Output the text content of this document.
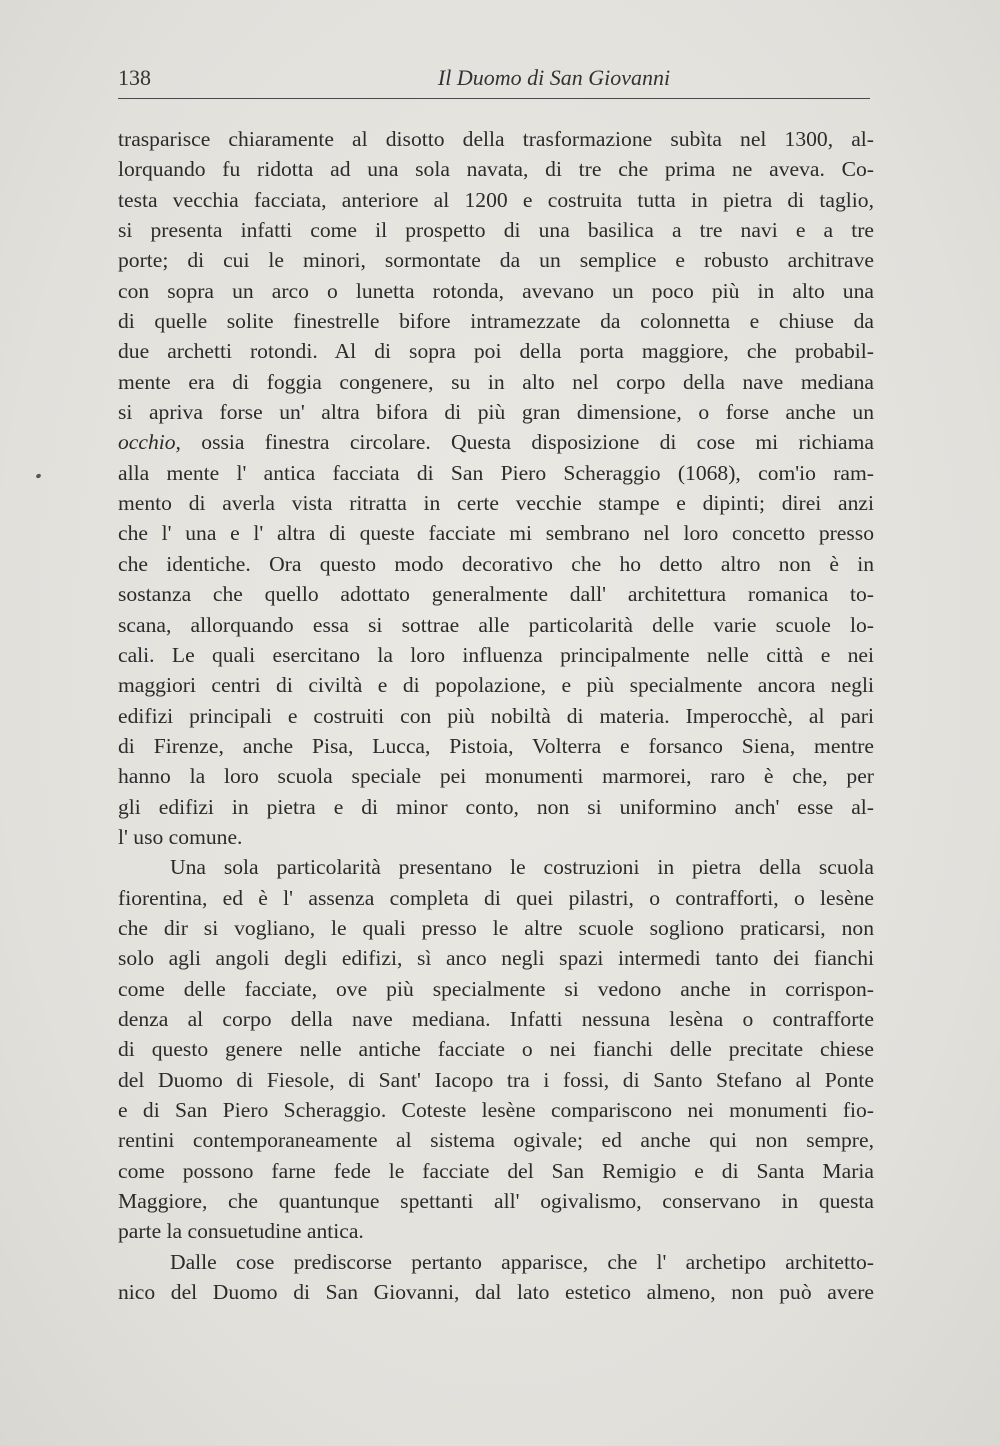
138	Il Duomo di San Giovanni
trasparisce chiaramente al disotto della trasformazione subìta nel 1300, al-
lorquando fu ridotta ad una sola navata, di tre che prima ne aveva. Co-
testa vecchia facciata, anteriore al 1200 e costruita tutta in pietra di taglio,
si presenta infatti come il prospetto di una basilica a tre navi e a tre
porte; di cui le minori, sormontate da un semplice e robusto architrave
con sopra un arco o lunetta rotonda, avevano un poco più in alto una
di quelle solite finestrelle bifore intramezzate da colonnetta e chiuse da
due archetti rotondi. Al di sopra poi della porta maggiore, che probabil-
mente era di foggia congenere, su in alto nel corpo della nave mediana
si apriva forse un' altra bifora di più gran dimensione, o forse anche un
occhio, ossia finestra circolare. Questa disposizione di cose mi richiama
alla mente l' antica facciata di San Piero Scheraggio (1068), com'io ram-
mento di averla vista ritratta in certe vecchie stampe e dipinti; direi anzi
che l' una e l' altra di queste facciate mi sembrano nel loro concetto presso
che identiche. Ora questo modo decorativo che ho detto altro non è in
sostanza che quello adottato generalmente dall' architettura romanica to-
scana, allorquando essa si sottrae alle particolarità delle varie scuole lo-
cali. Le quali esercitano la loro influenza principalmente nelle città e nei
maggiori centri di civiltà e di popolazione, e più specialmente ancora negli
edifizi principali e costruiti con più nobiltà di materia. Imperocchè, al pari
di Firenze, anche Pisa, Lucca, Pistoia, Volterra e forsanco Siena, mentre
hanno la loro scuola speciale pei monumenti marmorei, raro è che, per
gli edifizi in pietra e di minor conto, non si uniformino anch' esse al-
l' uso comune.
Una sola particolarità presentano le costruzioni in pietra della scuola
fiorentina, ed è l' assenza completa di quei pilastri, o contrafforti, o lesène
che dir si vogliano, le quali presso le altre scuole sogliono praticarsi, non
solo agli angoli degli edifizi, sì anco negli spazi intermedi tanto dei fianchi
come delle facciate, ove più specialmente si vedono anche in corrispon-
denza al corpo della nave mediana. Infatti nessuna lesèna o contrafforte
di questo genere nelle antiche facciate o nei fianchi delle precitate chiese
del Duomo di Fiesole, di Sant' Iacopo tra i fossi, di Santo Stefano al Ponte
e di San Piero Scheraggio. Coteste lesène compariscono nei monumenti fio-
rentini contemporaneamente al sistema ogivale; ed anche qui non sempre,
come possono farne fede le facciate del San Remigio e di Santa Maria
Maggiore, che quantunque spettanti all' ogivalismo, conservano in questa
parte la consuetudine antica.
Dalle cose prediscorse pertanto apparisce, che l' archetipo architetto-
nico del Duomo di San Giovanni, dal lato estetico almeno, non può avere
